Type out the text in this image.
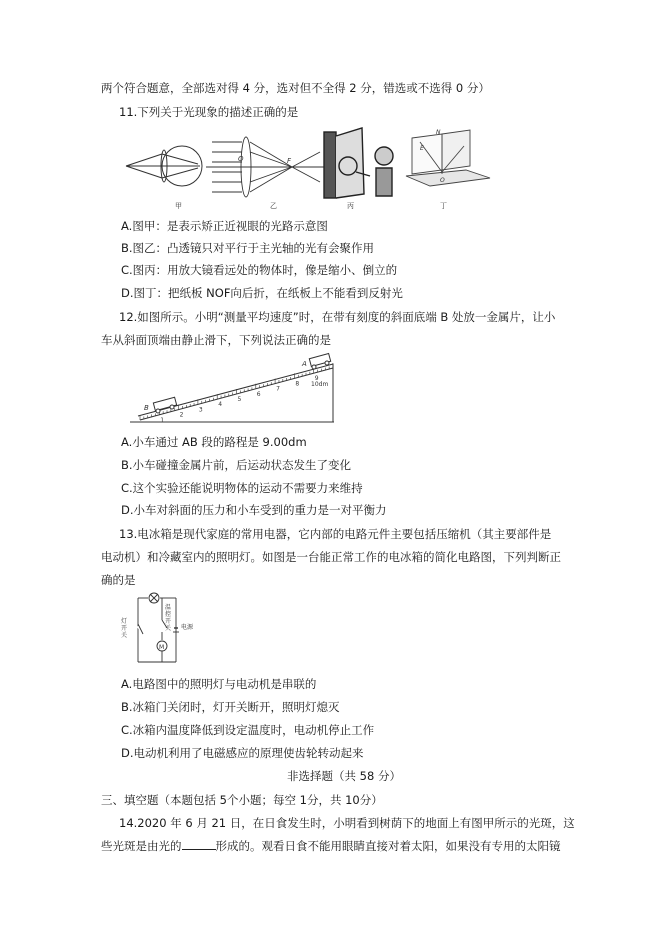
两个符合题意，全部选对得 4 分，选对但不全得 2 分，错选或不选得 0 分）
11.下列关于光现象的描述正确的是
甲
O	F
乙	丙
N
E
O
丁
A.图甲：是表示矫正近视眼的光路示意图
B.图乙：凸透镜只对平行于主光轴的光有会聚作用
C.图丙：用放大镜看远处的物体时，像是缩小、倒立的
D.图丁：把纸板 NOF向后折，在纸板上不能看到反射光
12.如图所示。小明“测量平均速度”时，在带有刻度的斜面底端 B 处放一金属片，让小
车从斜面顶端由静止滑下，下列说法正确的是
1
2
3
4
5
6
7
8
9
B
A
10dm
A.小车通过 AB 段的路程是 9.00dm
B.小车碰撞金属片前，后运动状态发生了变化
C.这个实验还能说明物体的运动不需要力来维持
D.小车对斜面的压力和小车受到的重力是一对平衡力
13.电冰箱是现代家庭的常用电器，它内部的电路元件主要包括压缩机（其主要部件是
电动机）和冷藏室内的照明灯。如图是一台能正常工作的电冰箱的简化电路图，下列判断正
确的是
M
灯开关
温控开关	电源
A.电路图中的照明灯与电动机是串联的
B.冰箱门关闭时，灯开关断开，照明灯熄灭
C.冰箱内温度降低到设定温度时，电动机停止工作
D.电动机利用了电磁感应的原理使齿轮转动起来
非选择题（共 58 分）
三、填空题（本题包括 5个小题；每空 1分，共 10分）
14.2020 年 6 月 21 日，在日食发生时，小明看到树荫下的地面上有图甲所示的光斑，这
些光斑是由光的	形成的。观看日食不能用眼睛直接对着太阳，如果没有专用的太阳镜
